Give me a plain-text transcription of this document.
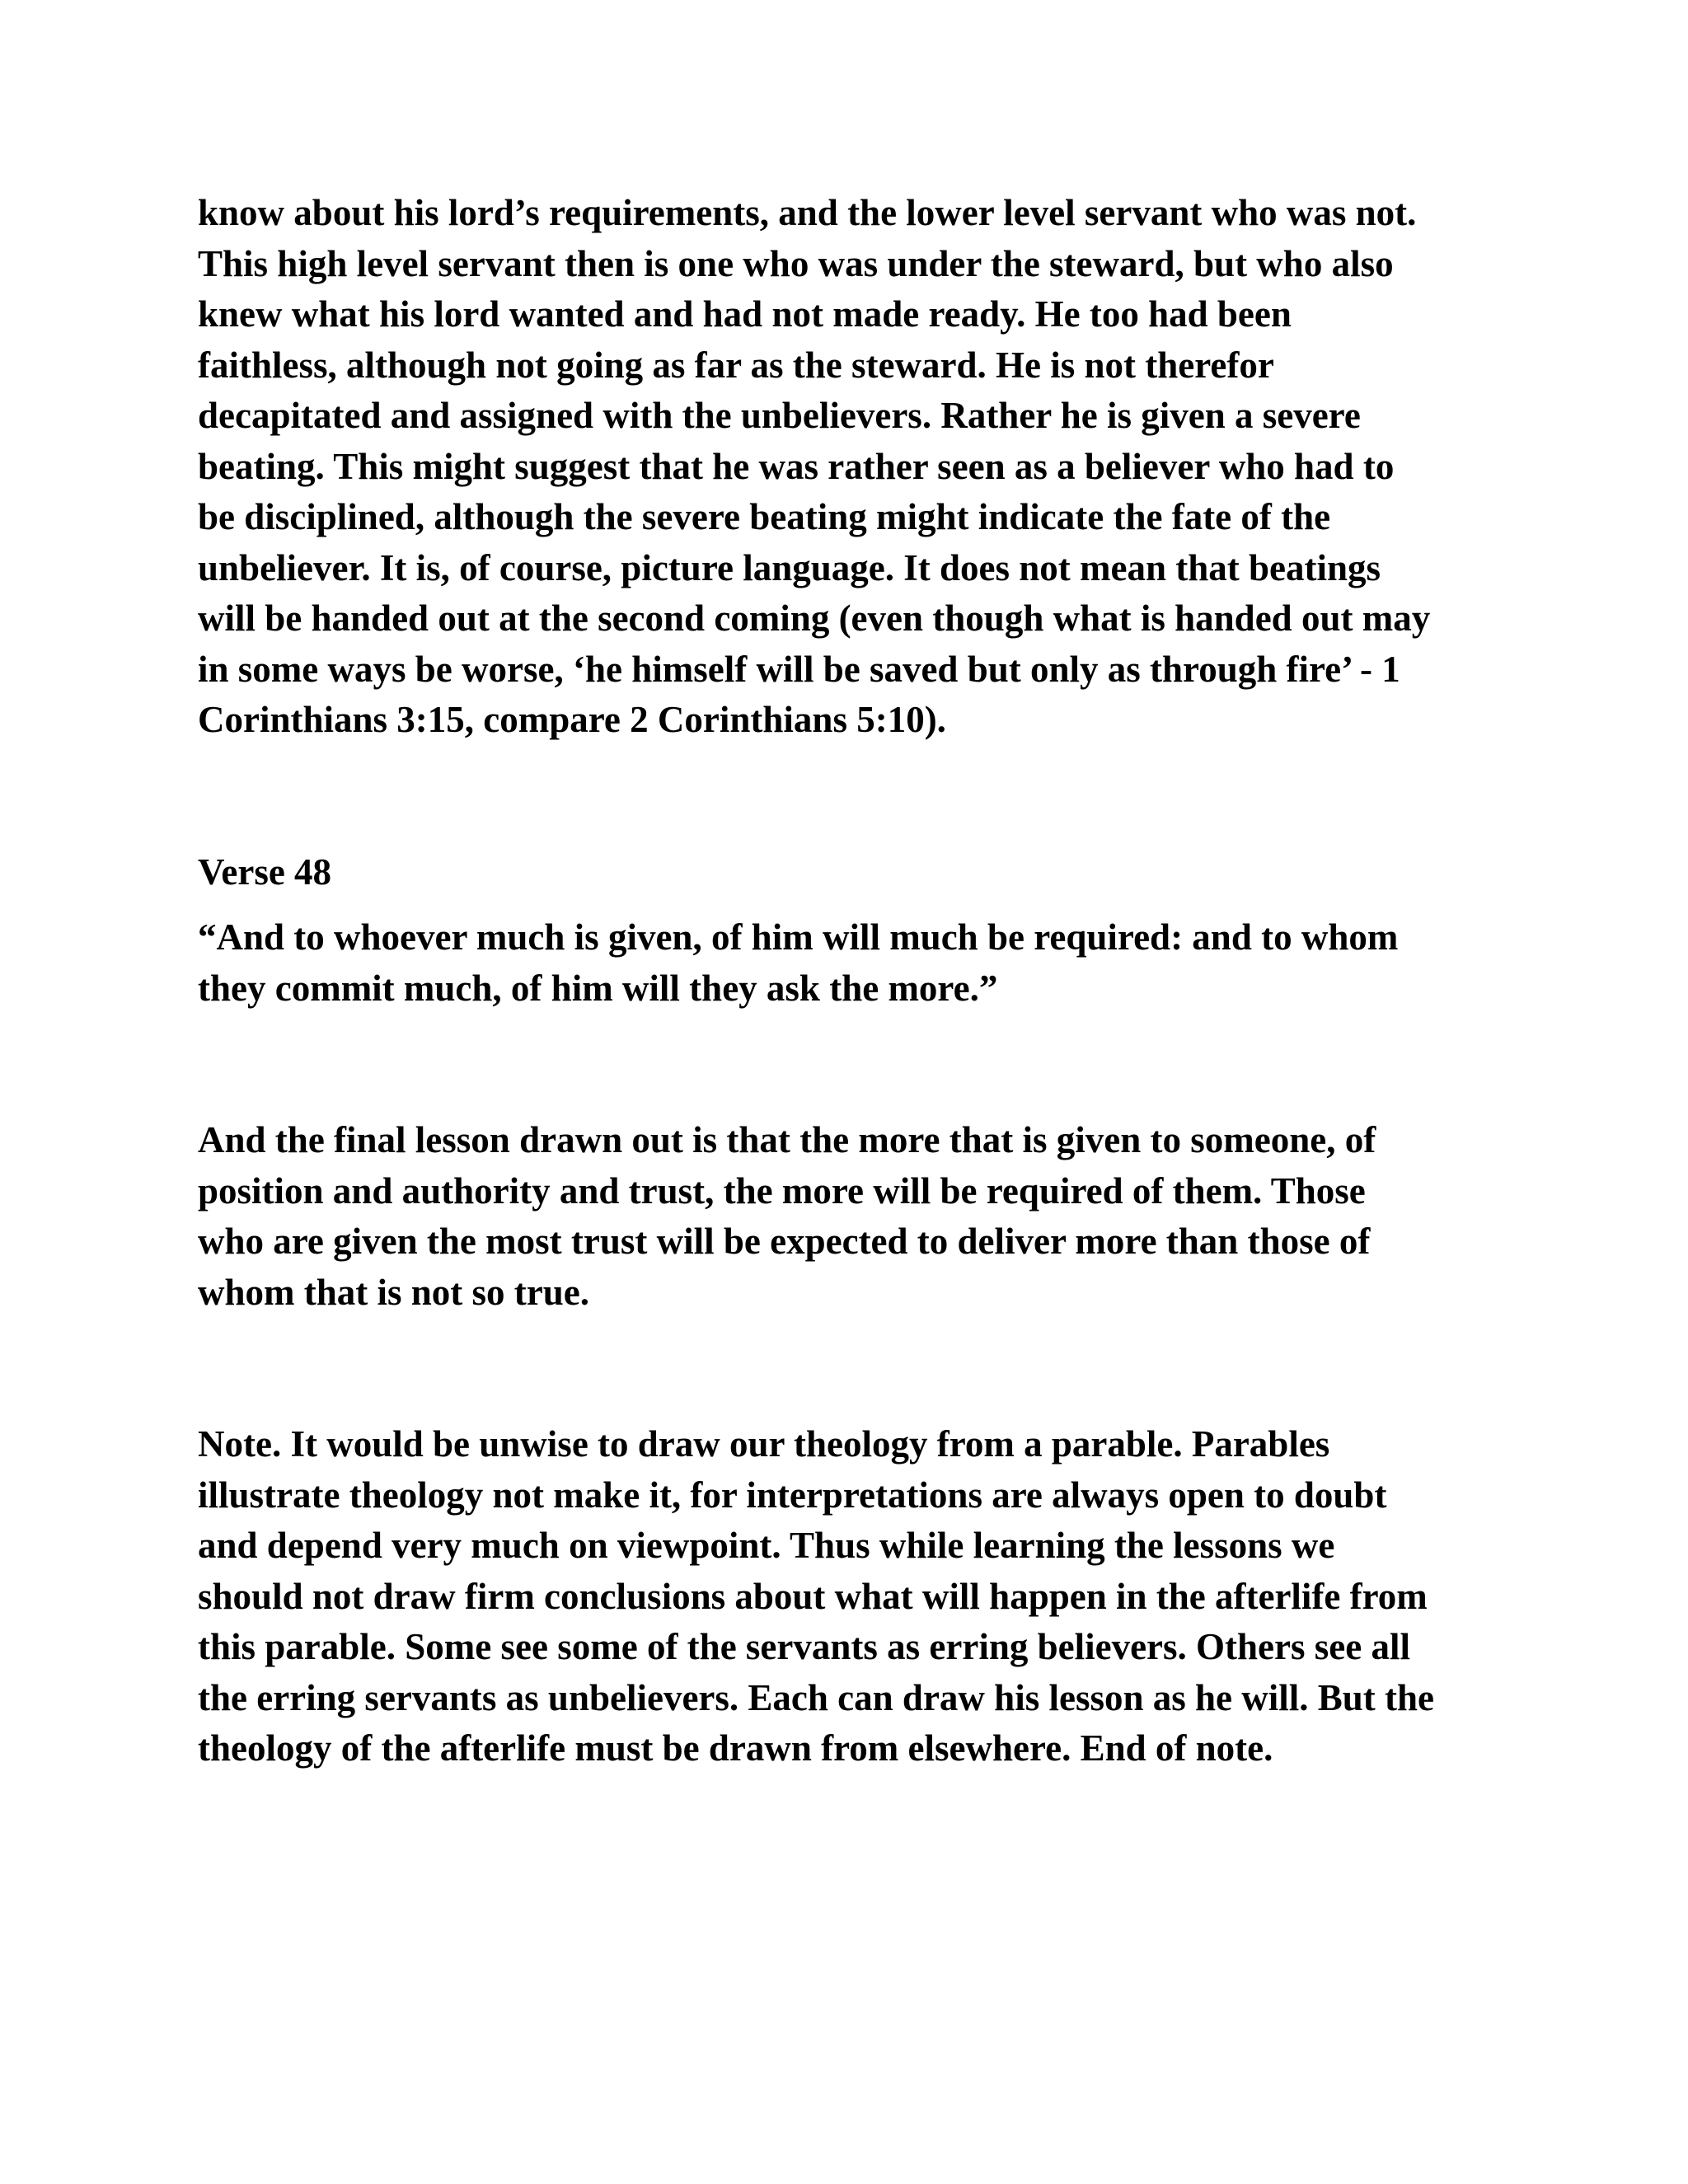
know about his lord’s requirements, and the lower level servant who was not.
This high level servant then is one who was under the steward, but who also
knew what his lord wanted and had not made ready. He too had been
faithless, although not going as far as the steward. He is not therefor
decapitated and assigned with the unbelievers. Rather he is given a severe
beating. This might suggest that he was rather seen as a believer who had to
be disciplined, although the severe beating might indicate the fate of the
unbeliever. It is, of course, picture language. It does not mean that beatings
will be handed out at the second coming (even though what is handed out may
in some ways be worse, ‘he himself will be saved but only as through fire’ - 1
Corinthians 3:15, compare 2 Corinthians 5:10).

Verse 48

“And to whoever much is given, of him will much be required: and to whom
they commit much, of him will they ask the more.”

And the final lesson drawn out is that the more that is given to someone, of
position and authority and trust, the more will be required of them. Those
who are given the most trust will be expected to deliver more than those of
whom that is not so true.

Note. It would be unwise to draw our theology from a parable. Parables
illustrate theology not make it, for interpretations are always open to doubt
and depend very much on viewpoint. Thus while learning the lessons we
should not draw firm conclusions about what will happen in the afterlife from
this parable. Some see some of the servants as erring believers. Others see all
the erring servants as unbelievers. Each can draw his lesson as he will. But the
theology of the afterlife must be drawn from elsewhere. End of note.
